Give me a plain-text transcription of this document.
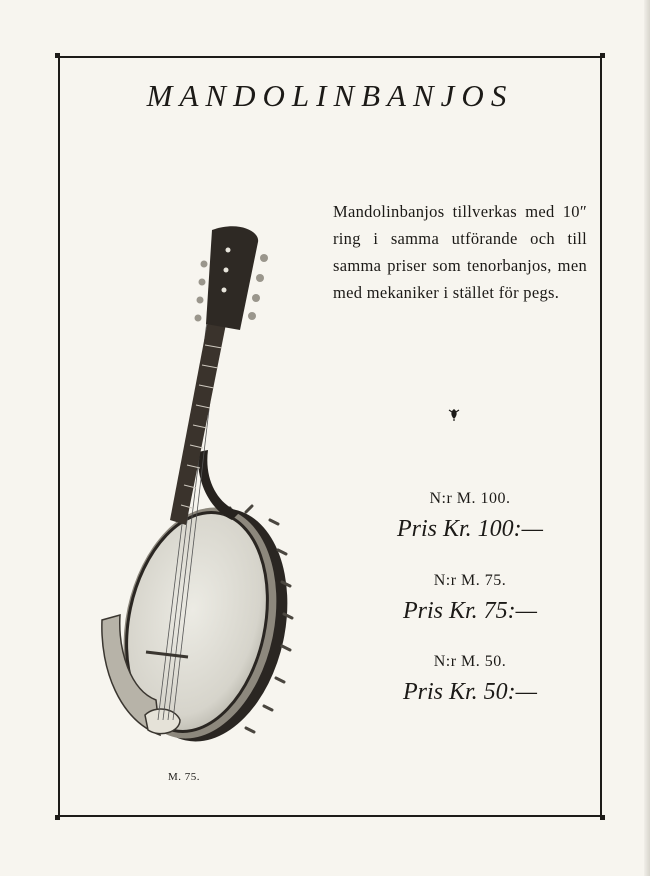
MANDOLINBANJOS
Mandolinbanjos tillverkas med 10″ ring i samma utförande och till samma priser som tenorbanjos, men med mekaniker i stället för pegs.
N:r M. 100.
Pris Kr. 100:—
N:r M. 75.
Pris Kr. 75:—
N:r M. 50.
Pris Kr. 50:—
M. 75.
